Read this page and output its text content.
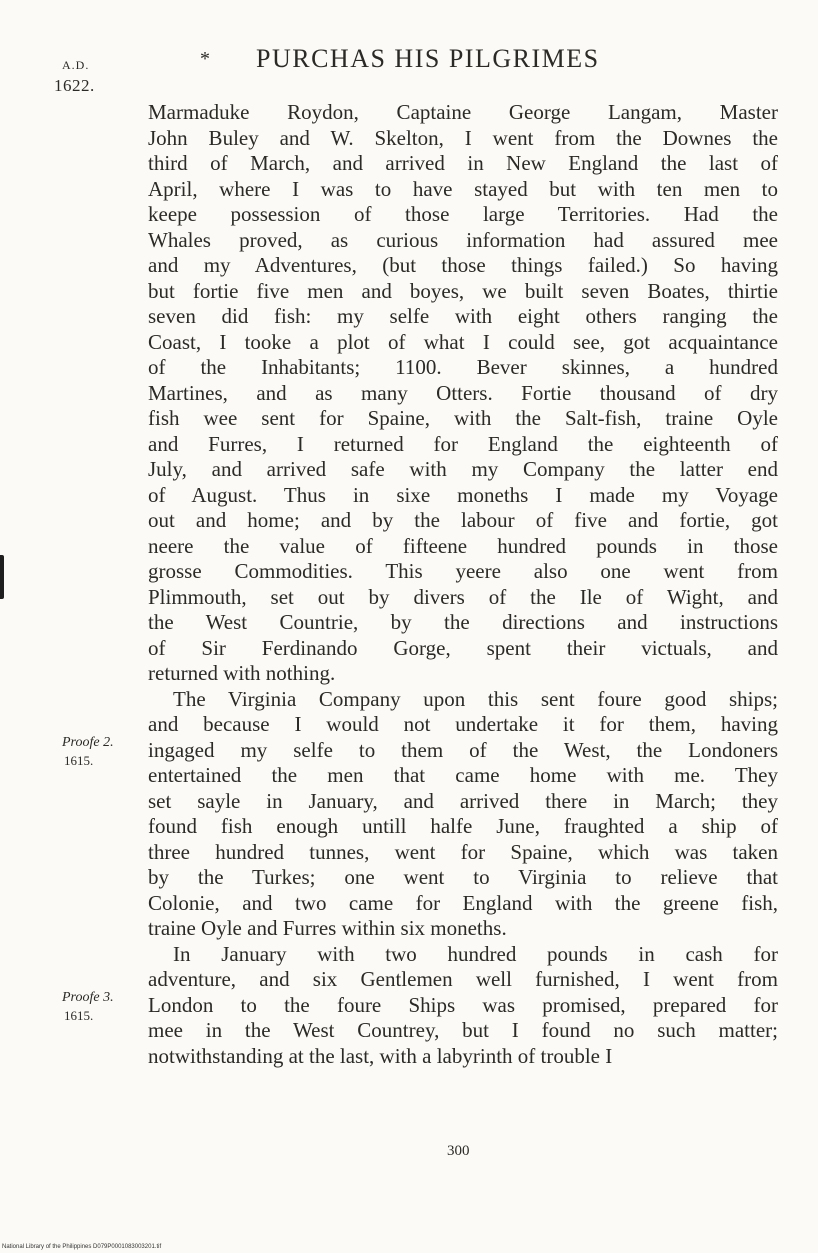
* PURCHAS HIS PILGRIMES
A.D.
1622.
Marmaduke Roydon, Captaine George Langam, Master
John Buley and W. Skelton, I went from the Downes the
third of March, and arrived in New England the last of
April, where I was to have stayed but with ten men to
keepe possession of those large Territories. Had the
Whales proved, as curious information had assured mee
and my Adventures, (but those things failed.) So having
but fortie five men and boyes, we built seven Boates, thirtie
seven did fish: my selfe with eight others ranging the
Coast, I tooke a plot of what I could see, got acquaintance
of the Inhabitants; 1100. Bever skinnes, a hundred
Martines, and as many Otters. Fortie thousand of dry
fish wee sent for Spaine, with the Salt-fish, traine Oyle
and Furres, I returned for England the eighteenth of
July, and arrived safe with my Company the latter end
of August. Thus in sixe moneths I made my Voyage
out and home; and by the labour of five and fortie, got
neere the value of fifteene hundred pounds in those
grosse Commodities. This yeere also one went from
Plimmouth, set out by divers of the Ile of Wight, and
the West Countrie, by the directions and instructions
of Sir Ferdinando Gorge, spent their victuals, and
returned with nothing.
The Virginia Company upon this sent foure good ships;
and because I would not undertake it for them, having
ingaged my selfe to them of the West, the Londoners
entertained the men that came home with me. They
set sayle in January, and arrived there in March; they
found fish enough untill halfe June, fraughted a ship of
three hundred tunnes, went for Spaine, which was taken
by the Turkes; one went to Virginia to relieve that
Colonie, and two came for England with the greene fish,
traine Oyle and Furres within six moneths.
In January with two hundred pounds in cash for
adventure, and six Gentlemen well furnished, I went from
London to the foure Ships was promised, prepared for
mee in the West Countrey, but I found no such matter;
notwithstanding at the last, with a labyrinth of trouble I
Proofe 2.
1615.
Proofe 3.
1615.
300
National Library of the Philippines D079P0001083003201.tif
